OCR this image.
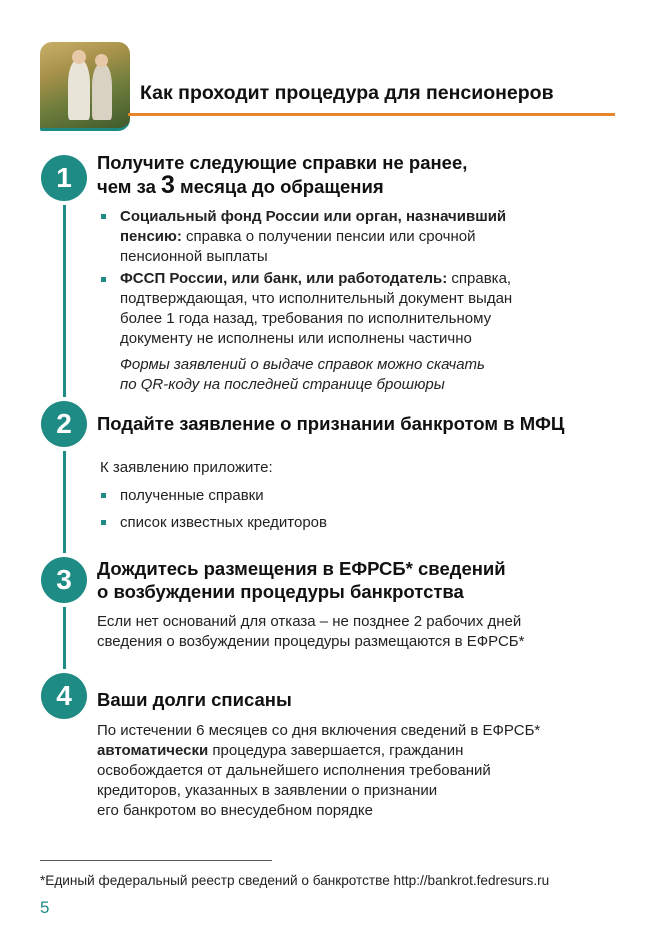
Как проходит процедура для пенсионеров
1	Получите следующие справки не ранее,
чем за 3 месяца до обращения
Социальный фонд России или орган, назначивший
пенсию: справка о получении пенсии или срочной
пенсионной выплаты
ФССП России, или банк, или работодатель: справка,
подтверждающая, что исполнительный документ выдан
более 1 года назад, требования по исполнительному
документу не исполнены или исполнены частично
Формы заявлений о выдаче справок можно скачать
по QR-коду на последней странице брошюры
2	Подайте заявление о признании банкротом в МФЦ
К заявлению приложите:
полученные справки
список известных кредиторов
3	Дождитесь размещения в ЕФРСБ* сведений
о возбуждении процедуры банкротства
Если нет оснований для отказа – не позднее 2 рабочих дней
сведения о возбуждении процедуры размещаются в ЕФРСБ*
4	Ваши долги списаны
По истечении 6 месяцев со дня включения сведений в ЕФРСБ*
автоматически процедура завершается, гражданин
освобождается от дальнейшего исполнения требований
кредиторов, указанных в заявлении о признании
его банкротом во внесудебном порядке
*Единый федеральный реестр сведений о банкротстве http://bankrot.fedresurs.ru
5
